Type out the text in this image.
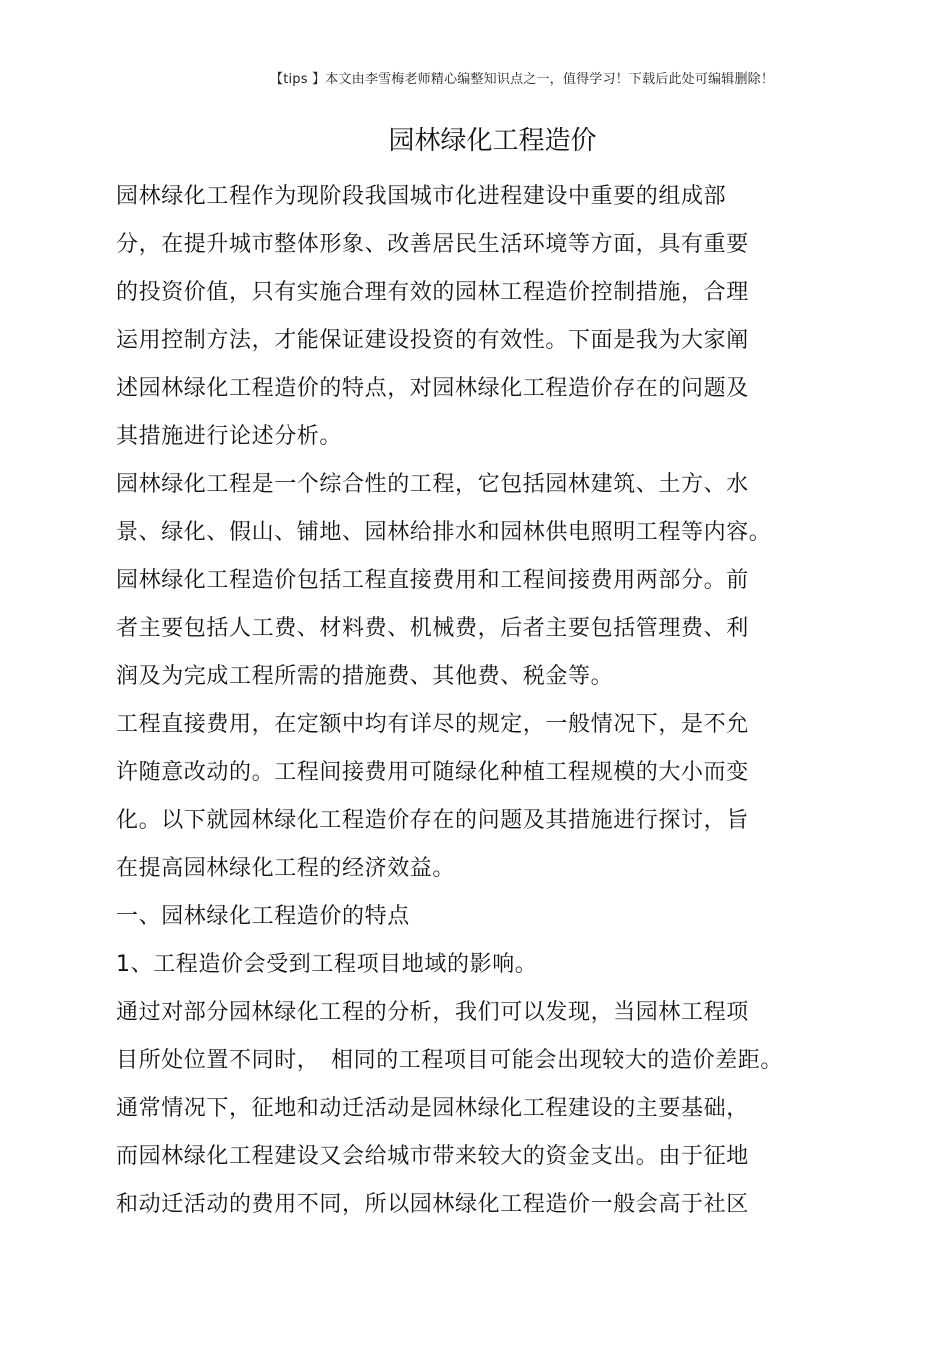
【tips 】本文由李雪梅老师精心编整知识点之一，值得学习！下载后此处可编辑删除！
园林绿化工程造价
园林绿化工程作为现阶段我国城市化进程建设中重要的组成部
分，在提升城市整体形象、改善居民生活环境等方面，具有重要
的投资价值，只有实施合理有效的园林工程造价控制措施，合理
运用控制方法，才能保证建设投资的有效性。下面是我为大家阐
述园林绿化工程造价的特点，对园林绿化工程造价存在的问题及
其措施进行论述分析。
园林绿化工程是一个综合性的工程，它包括园林建筑、土方、水
景、绿化、假山、铺地、园林给排水和园林供电照明工程等内容。
园林绿化工程造价包括工程直接费用和工程间接费用两部分。前
者主要包括人工费、材料费、机械费，后者主要包括管理费、利
润及为完成工程所需的措施费、其他费、税金等。
工程直接费用，在定额中均有详尽的规定，一般情况下，是不允
许随意改动的。工程间接费用可随绿化种植工程规模的大小而变
化。以下就园林绿化工程造价存在的问题及其措施进行探讨，旨
在提高园林绿化工程的经济效益。
一、园林绿化工程造价的特点
1、工程造价会受到工程项目地域的影响。
通过对部分园林绿化工程的分析，我们可以发现，当园林工程项
目所处位置不同时，　相同的工程项目可能会出现较大的造价差距。
通常情况下，征地和动迁活动是园林绿化工程建设的主要基础，
而园林绿化工程建设又会给城市带来较大的资金支出。由于征地
和动迁活动的费用不同，所以园林绿化工程造价一般会高于社区
